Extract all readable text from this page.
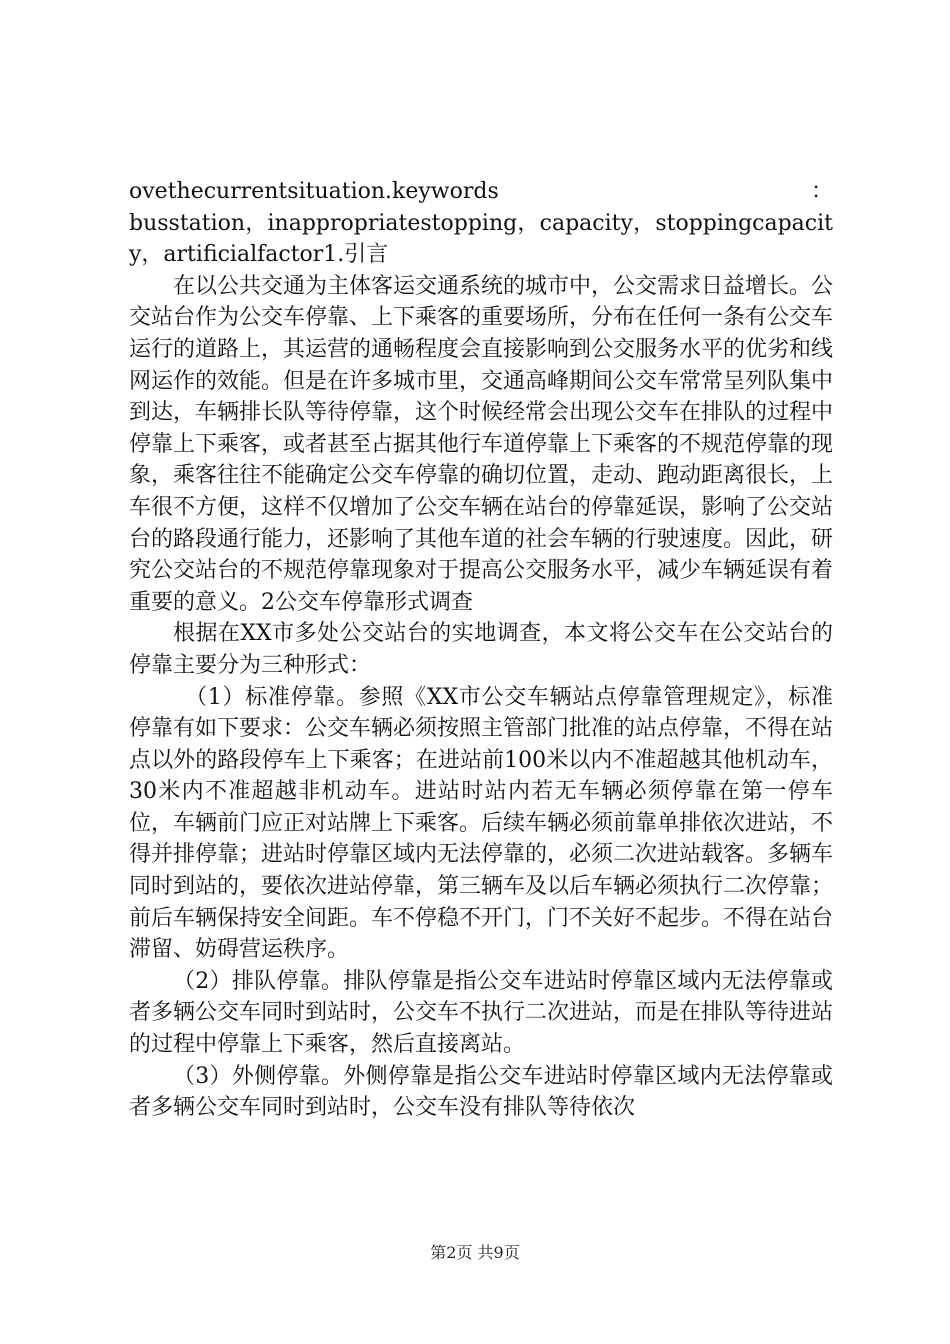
ovethecurrentsituation.keywords	：

busstation，inappropriatestopping，capacity，stoppingcapacity，artificialfactor1.引言

在以公共交通为主体客运交通系统的城市中，公交需求日益增长。公交站台作为公交车停靠、上下乘客的重要场所，分布在任何一条有公交车运行的道路上，其运营的通畅程度会直接影响到公交服务水平的优劣和线网运作的效能。但是在许多城市里，交通高峰期间公交车常常呈列队集中到达，车辆排长队等待停靠，这个时候经常会出现公交车在排队的过程中停靠上下乘客，或者甚至占据其他行车道停靠上下乘客的不规范停靠的现象，乘客往往不能确定公交车停靠的确切位置，走动、跑动距离很长，上车很不方便，这样不仅增加了公交车辆在站台的停靠延误，影响了公交站台的路段通行能力，还影响了其他车道的社会车辆的行驶速度。因此，研究公交站台的不规范停靠现象对于提高公交服务水平，减少车辆延误有着重要的意义。2公交车停靠形式调查

根据在XX市多处公交站台的实地调查，本文将公交车在公交站台的停靠主要分为三种形式：

（1）标准停靠。参照《XX市公交车辆站点停靠管理规定》，标准停靠有如下要求：公交车辆必须按照主管部门批准的站点停靠，不得在站点以外的路段停车上下乘客；在进站前100米以内不准超越其他机动车，30米内不准超越非机动车。进站时站内若无车辆必须停靠在第一停车位，车辆前门应正对站牌上下乘客。后续车辆必须前靠单排依次进站，不得并排停靠；进站时停靠区域内无法停靠的，必须二次进站载客。多辆车同时到站的，要依次进站停靠，第三辆车及以后车辆必须执行二次停靠；前后车辆保持安全间距。车不停稳不开门，门不关好不起步。不得在站台滞留、妨碍营运秩序。

（2）排队停靠。排队停靠是指公交车进站时停靠区域内无法停靠或者多辆公交车同时到站时，公交车不执行二次进站，而是在排队等待进站的过程中停靠上下乘客，然后直接离站。

（3）外侧停靠。外侧停靠是指公交车进站时停靠区域内无法停靠或者多辆公交车同时到站时，公交车没有排队等待依次

第2页 共9页
